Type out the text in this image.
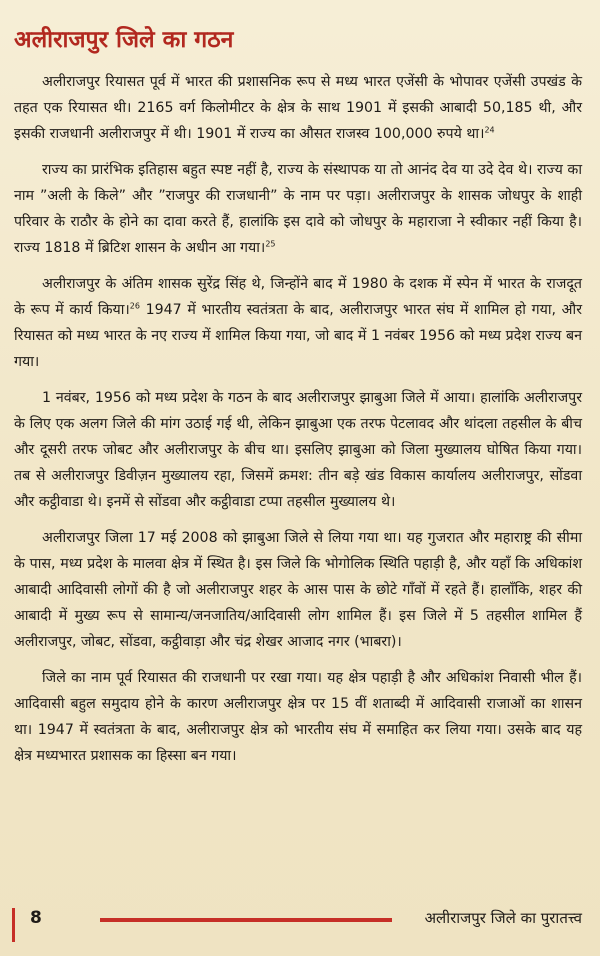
अलीराजपुर जिले का गठन

अलीराजपुर रियासत पूर्व में भारत की प्रशासनिक रूप से मध्य भारत एजेंसी के भोपावर एजेंसी उपखंड के तहत एक रियासत थी। 2165 वर्ग किलोमीटर के क्षेत्र के साथ 1901 में इसकी आबादी 50,185 थी, और इसकी राजधानी अलीराजपुर में थी। 1901 में राज्य का औसत राजस्व 100,000 रुपये था।$^{24}$

राज्य का प्रारंभिक इतिहास बहुत स्पष्ट नहीं है, राज्य के संस्थापक या तो आनंद देव या उदे देव थे। राज्य का नाम ”अली के किले” और ”राजपुर की राजधानी” के नाम पर पड़ा। अलीराजपुर के शासक जोधपुर के शाही परिवार के राठौर के होने का दावा करते हैं, हालांकि इस दावे को जोधपुर के महाराजा ने स्वीकार नहीं किया है। राज्य 1818 में ब्रिटिश शासन के अधीन आ गया।$^{25}$

अलीराजपुर के अंतिम शासक सुरेंद्र सिंह थे, जिन्होंने बाद में 1980 के दशक में स्पेन में भारत के राजदूत के रूप में कार्य किया।$^{26}$ 1947 में भारतीय स्वतंत्रता के बाद, अलीराजपुर भारत संघ में शामिल हो गया, और रियासत को मध्य भारत के नए राज्य में शामिल किया गया, जो बाद में 1 नवंबर 1956 को मध्य प्रदेश राज्य बन गया।

1 नवंबर, 1956 को मध्य प्रदेश के गठन के बाद अलीराजपुर झाबुआ जिले में आया। हालांकि अलीराजपुर के लिए एक अलग जिले की मांग उठाई गई थी, लेकिन झाबुआ एक तरफ पेटलावद और थांदला तहसील के बीच और दूसरी तरफ जोबट और अलीराजपुर के बीच था। इसलिए झाबुआ को जिला मुख्यालय घोषित किया गया। तब से अलीराजपुर डिवीज़न मुख्यालय रहा, जिसमें क्रमश: तीन बड़े खंड विकास कार्यालय अलीराजपुर, सोंडवा और कट्ठीवाडा थे। इनमें से सोंडवा और कट्ठीवाडा टप्पा तहसील मुख्यालय थे।

अलीराजपुर जिला 17 मई 2008 को झाबुआ जिले से लिया गया था। यह गुजरात और महाराष्ट्र की सीमा के पास, मध्य प्रदेश के मालवा क्षेत्र में स्थित है। इस जिले कि भोगोलिक स्थिति पहाड़ी है, और यहाँ कि अधिकांश आबादी आदिवासी लोगों की है जो अलीराजपुर शहर के आस पास के छोटे गाँवों में रहते हैं। हालाँकि, शहर की आबादी में मुख्य रूप से सामान्य/जनजातिय/आदिवासी लोग शामिल हैं। इस जिले में 5 तहसील शामिल हैं अलीराजपुर, जोबट, सोंडवा, कट्ठीवाड़ा और चंद्र शेखर आजाद नगर (भाबरा)।

जिले का नाम पूर्व रियासत की राजधानी पर रखा गया। यह क्षेत्र पहाड़ी है और अधिकांश निवासी भील हैं। आदिवासी बहुल समुदाय होने के कारण अलीराजपुर क्षेत्र पर 15 वीं शताब्दी में आदिवासी राजाओं का शासन था। 1947 में स्वतंत्रता के बाद, अलीराजपुर क्षेत्र को भारतीय संघ में समाहित कर लिया गया। उसके बाद यह क्षेत्र मध्यभारत प्रशासक का हिस्सा बन गया।

8	अलीराजपुर जिले का पुरातत्त्व
